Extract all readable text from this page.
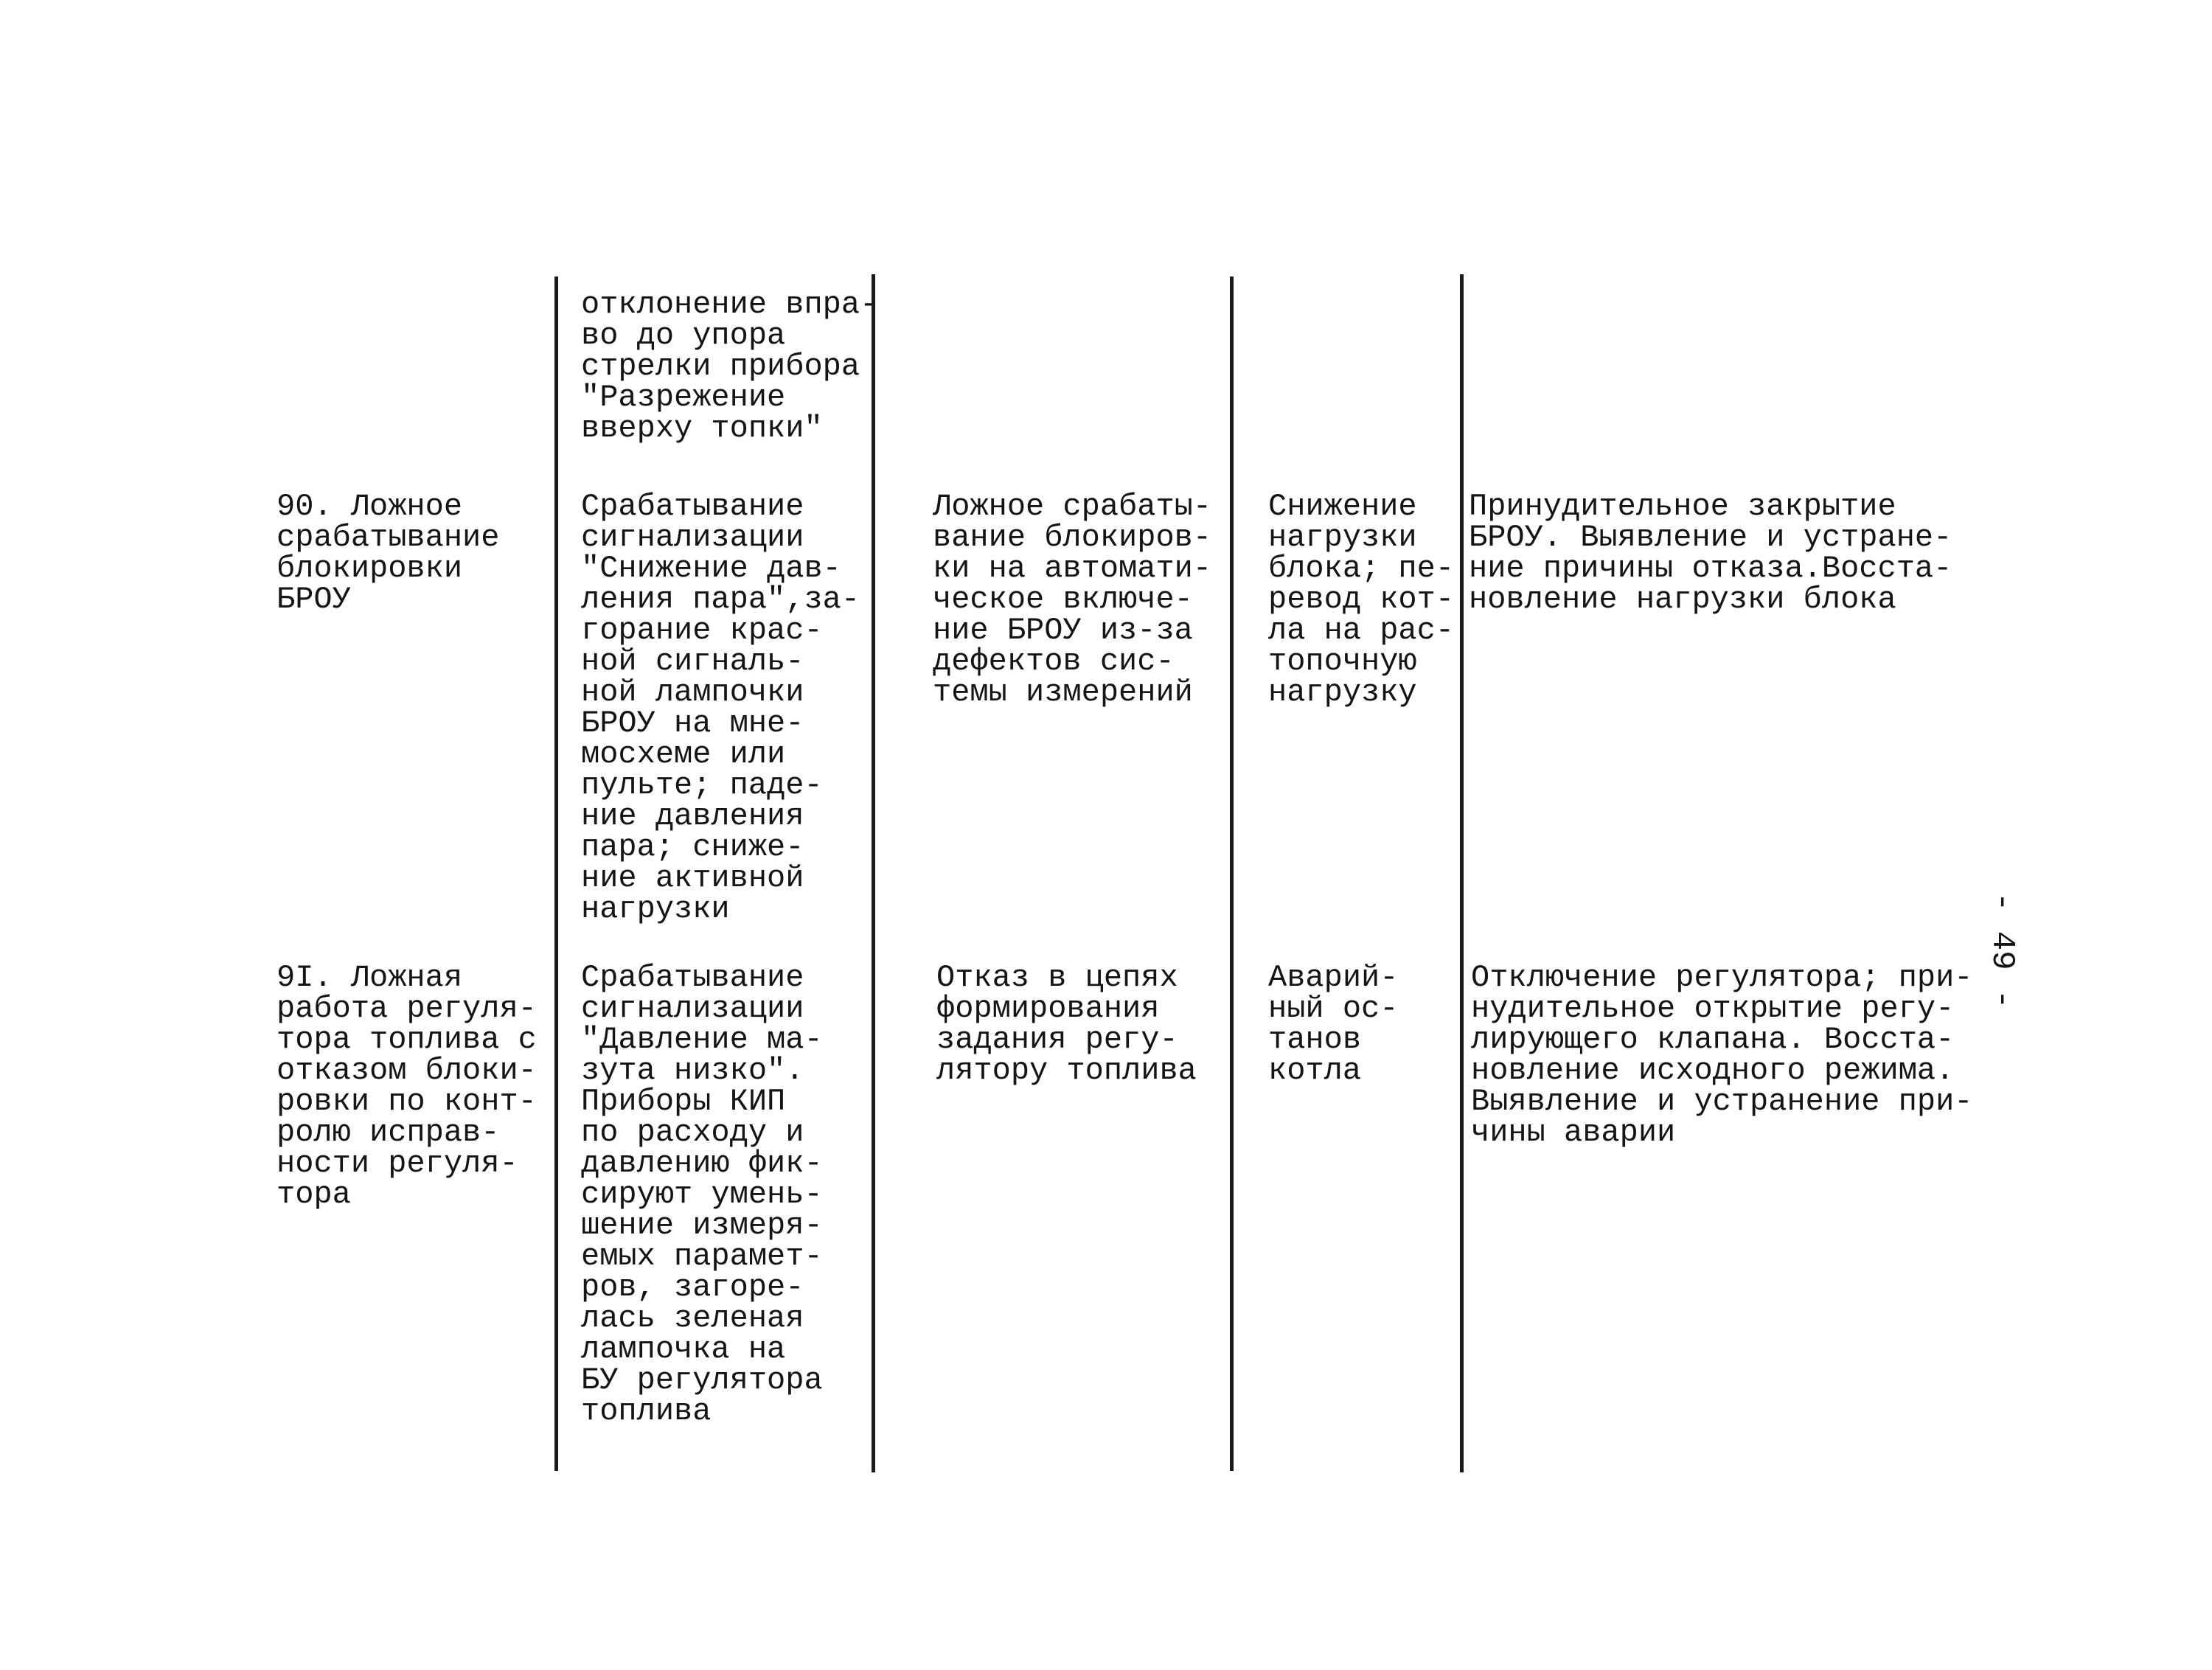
отклонение впра-
во до упора
стрелки прибора
"Разрежение
вверху топки"

90. Ложное
срабатывание
блокировки
БРОУ

Срабатывание
сигнализации
"Снижение дав-
ления пара",за-
горание крас-
ной сигналь-
ной лампочки
БРОУ на мне-
мосхеме или
пульте; паде-
ние давления
пара; сниже-
ние активной
нагрузки

Ложное срабаты-
вание блокиров-
ки на автомати-
ческое включе-
ние БРОУ из-за
дефектов сис-
темы измерений

Снижение
нагрузки
блока; пе-
ревод кот-
ла на рас-
топочную
нагрузку

Принудительное закрытие
БРОУ. Выявление и устране-
ние причины отказа.Восста-
новление нагрузки блока

9I. Ложная
работа регуля-
тора топлива с
отказом блоки-
ровки по конт-
ролю исправ-
ности регуля-
тора

Срабатывание
сигнализации
"Давление ма-
зута низко".
Приборы КИП
по расходу и
давлению фик-
сируют умень-
шение измеря-
емых парамет-
ров, загоре-
лась зеленая
лампочка на
БУ регулятора
топлива

Отказ в цепях
формирования
задания регу-
лятору топлива

Аварий-
ный ос-
танов
котла

Отключение регулятора; при-
нудительное открытие регу-
лирующего клапана. Восста-
новление исходного режима.
Выявление и устранение при-
чины аварии

- 49 -
